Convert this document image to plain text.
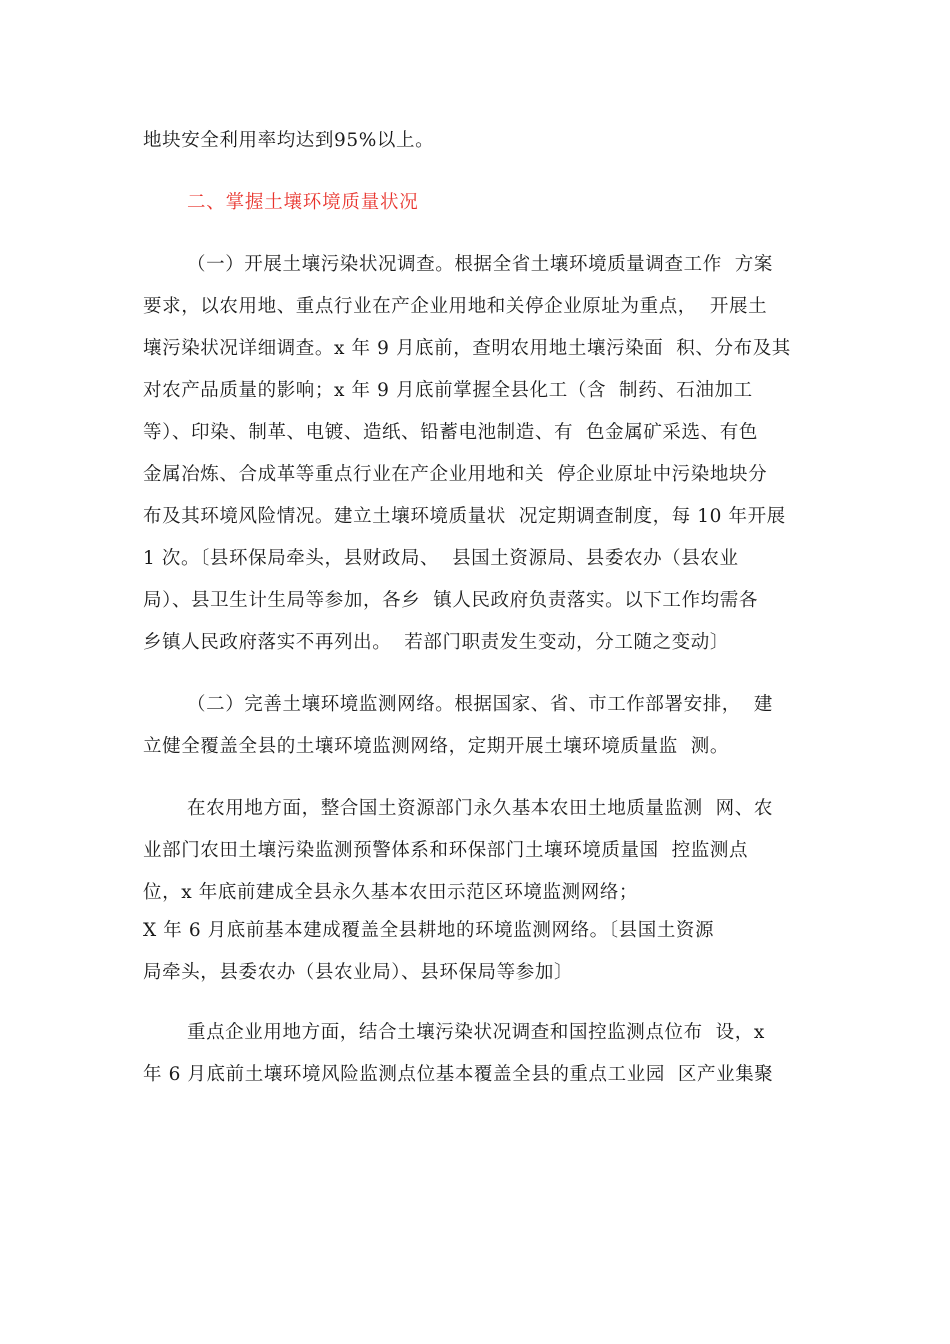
地块安全利用率均达到95%以上。
二、掌握土壤环境质量状况
（一）开展土壤污染状况调查。根据全省土壤环境质量调查工作  方案
要求，以农用地、重点行业在产企业用地和关停企业原址为重点，  开展土
壤污染状况详细调查。x 年 9 月底前，查明农用地土壤污染面  积、分布及其
对农产品质量的影响；x 年 9 月底前掌握全县化工（含  制药、石油加工
等）、印染、制革、电镀、造纸、铅蓄电池制造、有  色金属矿采选、有色
金属冶炼、合成革等重点行业在产企业用地和关  停企业原址中污染地块分
布及其环境风险情况。建立土壤环境质量状  况定期调查制度，每 10 年开展
1 次。〔县环保局牵头，县财政局、  县国土资源局、县委农办（县农业
局）、县卫生计生局等参加，各乡  镇人民政府负责落实。以下工作均需各
乡镇人民政府落实不再列出。  若部门职责发生变动，分工随之变动〕
（二）完善土壤环境监测网络。根据国家、省、市工作部署安排，  建
立健全覆盖全县的土壤环境监测网络，定期开展土壤环境质量监  测。
在农用地方面，整合国土资源部门永久基本农田土地质量监测  网、农
业部门农田土壤污染监测预警体系和环保部门土壤环境质量国  控监测点
位，x 年底前建成全县永久基本农田示范区环境监测网络；
X 年 6 月底前基本建成覆盖全县耕地的环境监测网络。〔县国土资源
局牵头，县委农办（县农业局）、县环保局等参加〕
重点企业用地方面，结合土壤污染状况调查和国控监测点位布  设，x
年 6 月底前土壤环境风险监测点位基本覆盖全县的重点工业园  区产业集聚
